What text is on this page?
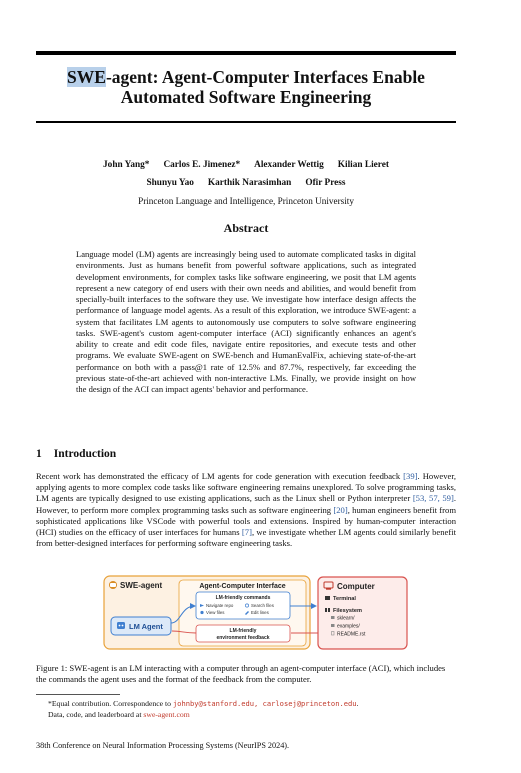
SWE-agent: Agent-Computer Interfaces Enable
Automated Software Engineering
John Yang* Carlos E. Jimenez* Alexander Wettig Kilian Lieret
Shunyu Yao Karthik Narasimhan Ofir Press
Princeton Language and Intelligence, Princeton University
Abstract
Language model (LM) agents are increasingly being used to automate complicated tasks in digital environments. Just as humans benefit from powerful software applications, such as integrated development environments, for complex tasks like software engineering, we posit that LM agents represent a new category of end users with their own needs and abilities, and would benefit from specially-built interfaces to the software they use. We investigate how interface design affects the performance of language model agents. As a result of this exploration, we introduce SWE-agent: a system that facilitates LM agents to autonomously use computers to solve software engineering tasks. SWE-agent's custom agent-computer interface (ACI) significantly enhances an agent's ability to create and edit code files, navigate entire repositories, and execute tests and other programs. We evaluate SWE-agent on SWE-bench and HumanEvalFix, achieving state-of-the-art performance on both with a pass@1 rate of 12.5% and 87.7%, respectively, far exceeding the previous state-of-the-art achieved with non-interactive LMs. Finally, we provide insight on how the design of the ACI can impact agents' behavior and performance.
1 Introduction
Recent work has demonstrated the efficacy of LM agents for code generation with execution feedback [39]. However, applying agents to more complex code tasks like software engineering remains unexplored. To solve programming tasks, LM agents are typically designed to use existing applications, such as the Linux shell or Python interpreter [53, 57, 59]. However, to perform more complex programming tasks such as software engineering [20], human engineers benefit from sophisticated applications like VSCode with powerful tools and extensions. Inspired by human-computer interaction (HCI) studies on the efficacy of user interfaces for humans [7], we investigate whether LM agents could similarly benefit from better-designed interfaces for performing software engineering tasks.
SWE-agent
LM Agent
Agent-Computer Interface
LM-friendly commands
Navigate repo	Search files
View files	Edit lines
LM-friendly
environment feedback
Computer
Terminal
Filesystem
sklearn/
examples/
README.rst
Figure 1: SWE-agent is an LM interacting with a computer through an agent-computer interface (ACI), which includes the commands the agent uses and the format of the feedback from the computer.
*Equal contribution. Correspondence to johnby@stanford.edu, carlosej@princeton.edu.
Data, code, and leaderboard at swe-agent.com
38th Conference on Neural Information Processing Systems (NeurIPS 2024).
